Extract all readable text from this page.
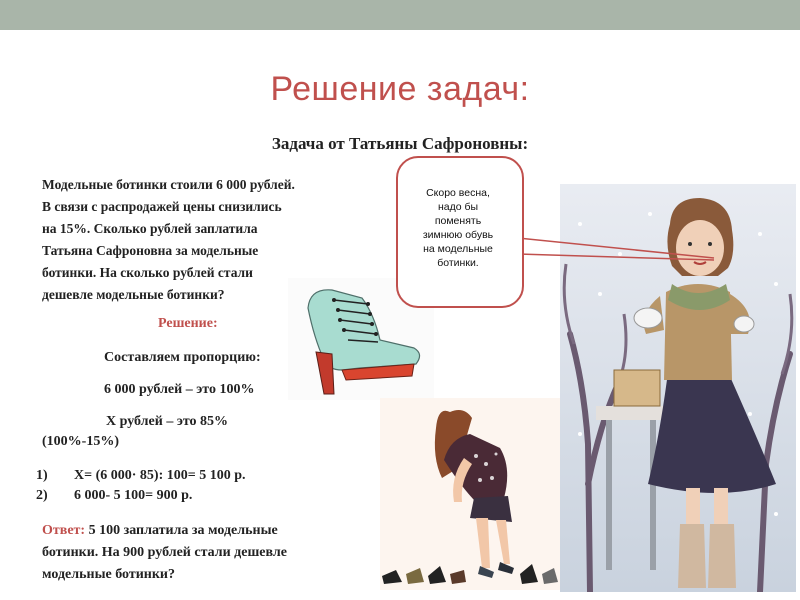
Решение задач:
Задача от Татьяны Сафроновны:
Модельные ботинки стоили 6 000 рублей.
В связи с распродажей цены снизились
на 15%. Сколько рублей заплатила
Татьяна Сафроновна за модельные
ботинки. На сколько рублей стали
дешевле модельные ботинки?
Решение:
Составляем пропорцию:
6 000 рублей – это 100%
Х рублей – это 85%
(100%-15%)
1)	Х= (6 000· 85): 100= 5 100 р.
2)	6 000- 5 100= 900 р.
Ответ: 5 100 заплатила за модельные
ботинки. На 900 рублей стали дешевле
модельные ботинки?
Скоро весна,
надо бы
поменять
зимнюю обувь
на модельные
ботинки.
